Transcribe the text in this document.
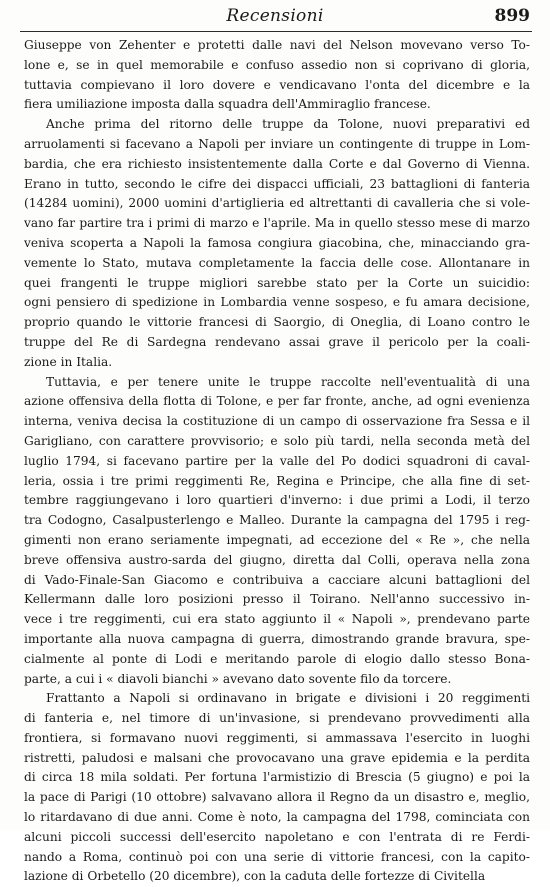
Recensioni	899
Giuseppe von Zehenter e protetti dalle navi del Nelson movevano verso To-
lone e, se in quel memorabile e confuso assedio non si coprivano di gloria,
tuttavia compievano il loro dovere e vendicavano l'onta del dicembre e la
fiera umiliazione imposta dalla squadra dell'Ammiraglio francese.
Anche prima del ritorno delle truppe da Tolone, nuovi preparativi ed
arruolamenti si facevano a Napoli per inviare un contingente di truppe in Lom-
bardia, che era richiesto insistentemente dalla Corte e dal Governo di Vienna.
Erano in tutto, secondo le cifre dei dispacci ufficiali, 23 battaglioni di fanteria
(14284 uomini), 2000 uomini d'artiglieria ed altrettanti di cavalleria che si vole-
vano far partire tra i primi di marzo e l'aprile. Ma in quello stesso mese di marzo
veniva scoperta a Napoli la famosa congiura giacobina, che, minacciando gra-
vemente lo Stato, mutava completamente la faccia delle cose. Allontanare in
quei frangenti le truppe migliori sarebbe stato per la Corte un suicidio:
ogni pensiero di spedizione in Lombardia venne sospeso, e fu amara decisione,
proprio quando le vittorie francesi di Saorgio, di Oneglia, di Loano contro le
truppe del Re di Sardegna rendevano assai grave il pericolo per la coali-
zione in Italia.
Tuttavia, e per tenere unite le truppe raccolte nell'eventualità di una
azione offensiva della flotta di Tolone, e per far fronte, anche, ad ogni evenienza
interna, veniva decisa la costituzione di un campo di osservazione fra Sessa e il
Garigliano, con carattere provvisorio; e solo più tardi, nella seconda metà del
luglio 1794, si facevano partire per la valle del Po dodici squadroni di caval-
leria, ossia i tre primi reggimenti Re, Regina e Principe, che alla fine di set-
tembre raggiungevano i loro quartieri d'inverno: i due primi a Lodi, il terzo
tra Codogno, Casalpusterlengo e Malleo. Durante la campagna del 1795 i reg-
gimenti non erano seriamente impegnati, ad eccezione del « Re », che nella
breve offensiva austro-sarda del giugno, diretta dal Colli, operava nella zona
di Vado-Finale-San Giacomo e contribuiva a cacciare alcuni battaglioni del
Kellermann dalle loro posizioni presso il Toirano. Nell'anno successivo in-
vece i tre reggimenti, cui era stato aggiunto il « Napoli », prendevano parte
importante alla nuova campagna di guerra, dimostrando grande bravura, spe-
cialmente al ponte di Lodi e meritando parole di elogio dallo stesso Bona-
parte, a cui i « diavoli bianchi » avevano dato sovente filo da torcere.
Frattanto a Napoli si ordinavano in brigate e divisioni i 20 reggimenti
di fanteria e, nel timore di un'invasione, si prendevano provvedimenti alla
frontiera, si formavano nuovi reggimenti, si ammassava l'esercito in luoghi
ristretti, paludosi e malsani che provocavano una grave epidemia e la perdita
di circa 18 mila soldati. Per fortuna l'armistizio di Brescia (5 giugno) e poi la
la pace di Parigi (10 ottobre) salvavano allora il Regno da un disastro e, meglio,
lo ritardavano di due anni. Come è noto, la campagna del 1798, cominciata con
alcuni piccoli successi dell'esercito napoletano e con l'entrata di re Ferdi-
nando a Roma, continuò poi con una serie di vittorie francesi, con la capito-
lazione di Orbetello (20 dicembre), con la caduta delle fortezze di Civitella
